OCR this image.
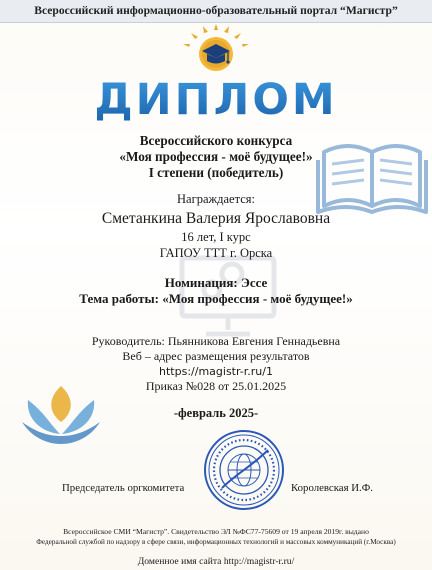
Всероссийский информационно-образовательный портал “Магистр”
ДИПЛОМ
Всероссийского конкурса
«Моя профессия - моё будущее!»
I степени (победитель)
Награждается:
Сметанкина Валерия Ярославовна
16 лет, I курс
ГАПОУ ТТТ г. Орска
Номинация: Эссе
Тема работы: «Моя профессия - моё будущее!»
Руководитель: Пьянникова Евгения Геннадьевна
Веб – адрес размещения результатов
https://magistr-r.ru/1
Приказ №028 от 25.01.2025
-февраль 2025-
Председатель оргкомитета	Королевская И.Ф.
Всероссийское СМИ “Магистр”. Свидетельство ЭЛ №ФС77-75609 от 19 апреля 2019г. выдано
Федеральной службой по надзору в сфере связи, информационных технологий и массовых коммуникаций (г.Москва)
Доменное имя сайта http://magistr-r.ru/
